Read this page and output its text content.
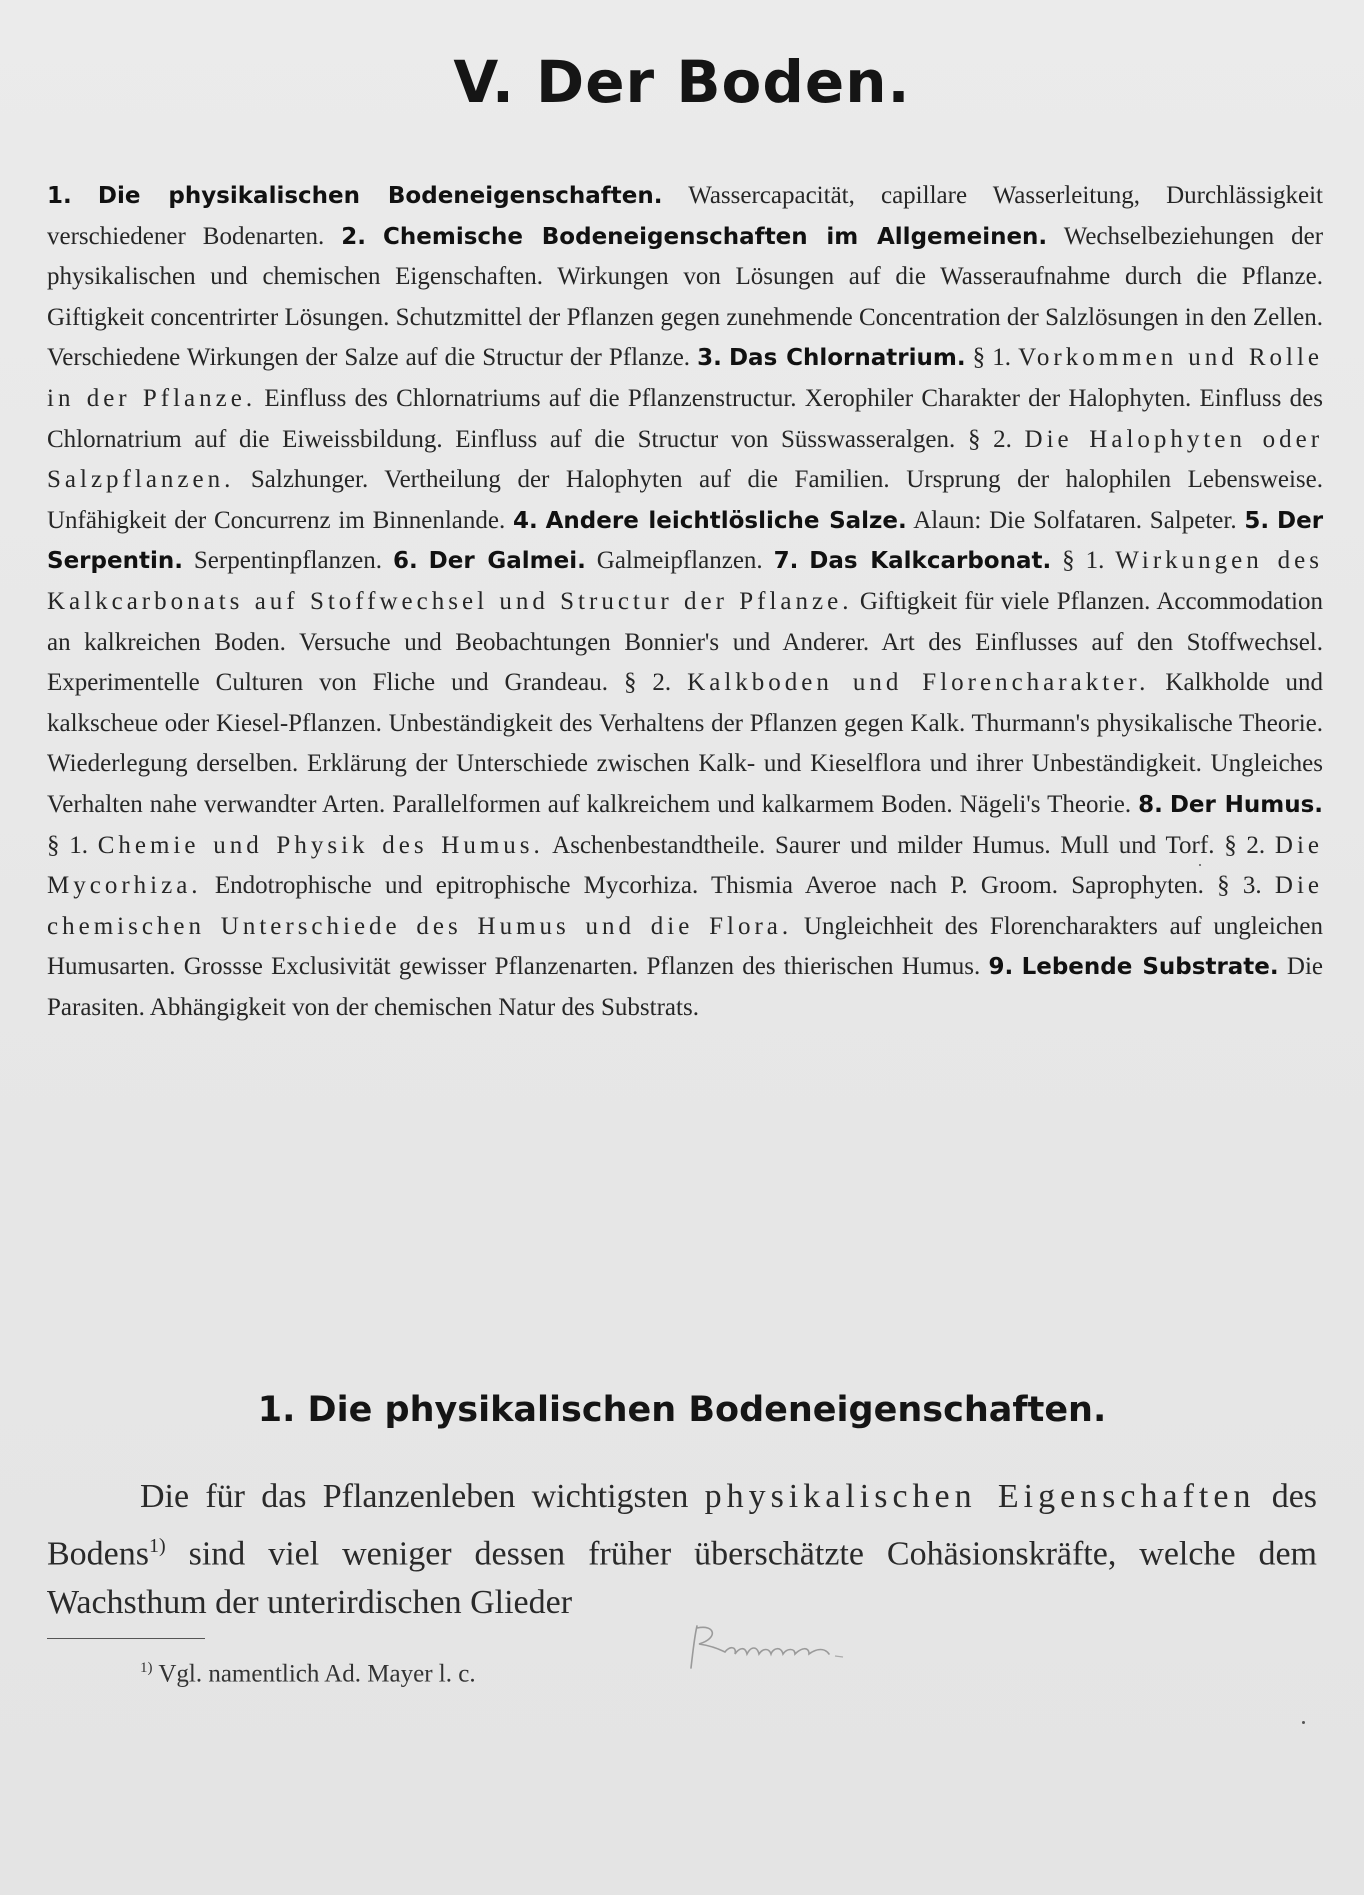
V. Der Boden.
1. Die physikalischen Bodeneigenschaften. Wassercapacität, capillare Wasserleitung, Durchlässigkeit verschiedener Bodenarten. 2. Chemische Bodeneigenschaften im Allgemeinen. Wechselbeziehungen der physikalischen und chemischen Eigenschaften. Wirkungen von Lösungen auf die Wasseraufnahme durch die Pflanze. Giftigkeit concentrirter Lösungen. Schutzmittel der Pflanzen gegen zunehmende Concentration der Salzlösungen in den Zellen. Verschiedene Wirkungen der Salze auf die Structur der Pflanze. 3. Das Chlornatrium. § 1. Vorkommen und Rolle in der Pflanze. Einfluss des Chlornatriums auf die Pflanzenstructur. Xerophiler Charakter der Halophyten. Einfluss des Chlornatrium auf die Eiweissbildung. Einfluss auf die Structur von Süsswasseralgen. § 2. Die Halophyten oder Salzpflanzen. Salzhunger. Vertheilung der Halophyten auf die Familien. Ursprung der halophilen Lebensweise. Unfähigkeit der Concurrenz im Binnenlande. 4. Andere leichtlösliche Salze. Alaun: Die Solfataren. Salpeter. 5. Der Serpentin. Serpentinpflanzen. 6. Der Galmei. Galmeipflanzen. 7. Das Kalkcarbonat. § 1. Wirkungen des Kalkcarbonats auf Stoffwechsel und Structur der Pflanze. Giftigkeit für viele Pflanzen. Accommodation an kalkreichen Boden. Versuche und Beobachtungen Bonnier's und Anderer. Art des Einflusses auf den Stoffwechsel. Experimentelle Culturen von Fliche und Grandeau. § 2. Kalkboden und Florencharakter. Kalkholde und kalkscheue oder Kiesel-Pflanzen. Unbeständigkeit des Verhaltens der Pflanzen gegen Kalk. Thurmann's physikalische Theorie. Wiederlegung derselben. Erklärung der Unterschiede zwischen Kalk- und Kieselflora und ihrer Unbeständigkeit. Ungleiches Verhalten nahe verwandter Arten. Parallelformen auf kalkreichem und kalkarmem Boden. Nägeli's Theorie. 8. Der Humus. § 1. Chemie und Physik des Humus. Aschenbestandtheile. Saurer und milder Humus. Mull und Torf. § 2. Die Mycorhiza. Endotrophische und epitrophische Mycorhiza. Thismia Averoe nach P. Groom. Saprophyten. § 3. Die chemischen Unterschiede des Humus und die Flora. Ungleichheit des Florencharakters auf ungleichen Humusarten. Grossse Exclusivität gewisser Pflanzenarten. Pflanzen des thierischen Humus. 9. Lebende Substrate. Die Parasiten. Abhängigkeit von der chemischen Natur des Substrats.
1. Die physikalischen Bodeneigenschaften.
Die für das Pflanzenleben wichtigsten physikalischen Eigenschaften des Bodens$^{1)}$ sind viel weniger dessen früher überschätzte Cohäsionskräfte, welche dem Wachsthum der unterirdischen Glieder
$^{1)}$ Vgl. namentlich Ad. Mayer l. c.
